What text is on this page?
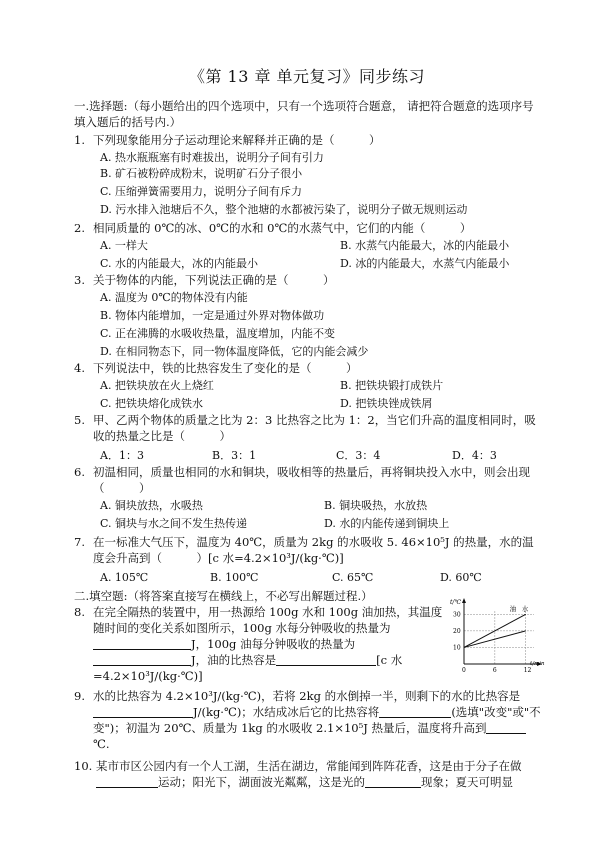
《第 13 章 单元复习》同步练习
一.选择题:（每小题给出的四个选项中，只有一个选项符合题意， 请把符合题意的选项序号填入题后的括号内.）
1. 下列现象能用分子运动理论来解释并正确的是（　　　）
A. 热水瓶瓶塞有时难拔出，说明分子间有引力
B. 矿石被粉碎成粉末，说明矿石分子很小
C. 压缩弹簧需要用力，说明分子间有斥力
D. 污水排入池塘后不久，整个池塘的水都被污染了，说明分子做无规则运动
2. 相同质量的 0℃的冰、0℃的水和 0℃的水蒸气中，它们的内能（　　　）
A. 一样大	B. 水蒸气内能最大，冰的内能最小
C. 水的内能最大，冰的内能最小	D. 冰的内能最大，水蒸气内能最小
3. 关于物体的内能，下列说法正确的是（　　　）
A. 温度为 0℃的物体没有内能
B. 物体内能增加，一定是通过外界对物体做功
C. 正在沸腾的水吸收热量，温度增加，内能不变
D. 在相同物态下，同一物体温度降低，它的内能会减少
4. 下列说法中，铁的比热容发生了变化的是（　　　）
A. 把铁块放在火上烧红	B. 把铁块锻打成铁片
C. 把铁块熔化成铁水	D. 把铁块锉成铁屑
5. 甲、乙两个物体的质量之比为 2：3 比热容之比为 1：2，当它们升高的温度相同时，吸收的热量之比是（　　　）
A．1：3	B．3：1	C．3：4	D．4：3
6. 初温相同，质量也相同的水和铜块，吸收相等的热量后，再将铜块投入水中，则会出现（　　　）
A. 铜块放热，水吸热	B. 铜块吸热，水放热
C. 铜块与水之间不发生热传递	D. 水的内能传递到铜块上
7. 在一标准大气压下，温度为 40℃，质量为 2kg 的水吸收 5. 46×10⁵J 的热量，水的温度会升高到（　　　）[c 水=4.2×10³J/(kg·℃)]
A. 105℃	B. 100℃	C. 65℃	D. 60℃
二.填空题:（将答案直接写在横线上，不必写出解题过程.）
8. 在完全隔热的装置中，用一热源给 100g 水和 100g 油加热，其温度随时间的变化关系如图所示，100g 水每分钟吸收的热量为
J，100g 油每分钟吸收的热量为
J，油的比热容是	[c 水=4.2×10³J/(kg·℃)]
t/℃
t/min
0	6	12
10
20
30
油 水
9. 水的比热容为 4.2×10³J/(kg·℃)，若将 2kg 的水倒掉一半，则剩下的水的比热容是
J/(kg·℃)；水结成冰后它的比热容将	(选填"改变"或"不变")；初温为 20℃、质量为 1kg 的水吸收 2.1×10⁵J 热量后，温度将升高到
℃.
10. 某市市区公园内有一个人工湖，生活在湖边，常能闻到阵阵花香，这是由于分子在做
运动；阳光下，湖面波光粼粼，这是光的	现象；夏天可明显
